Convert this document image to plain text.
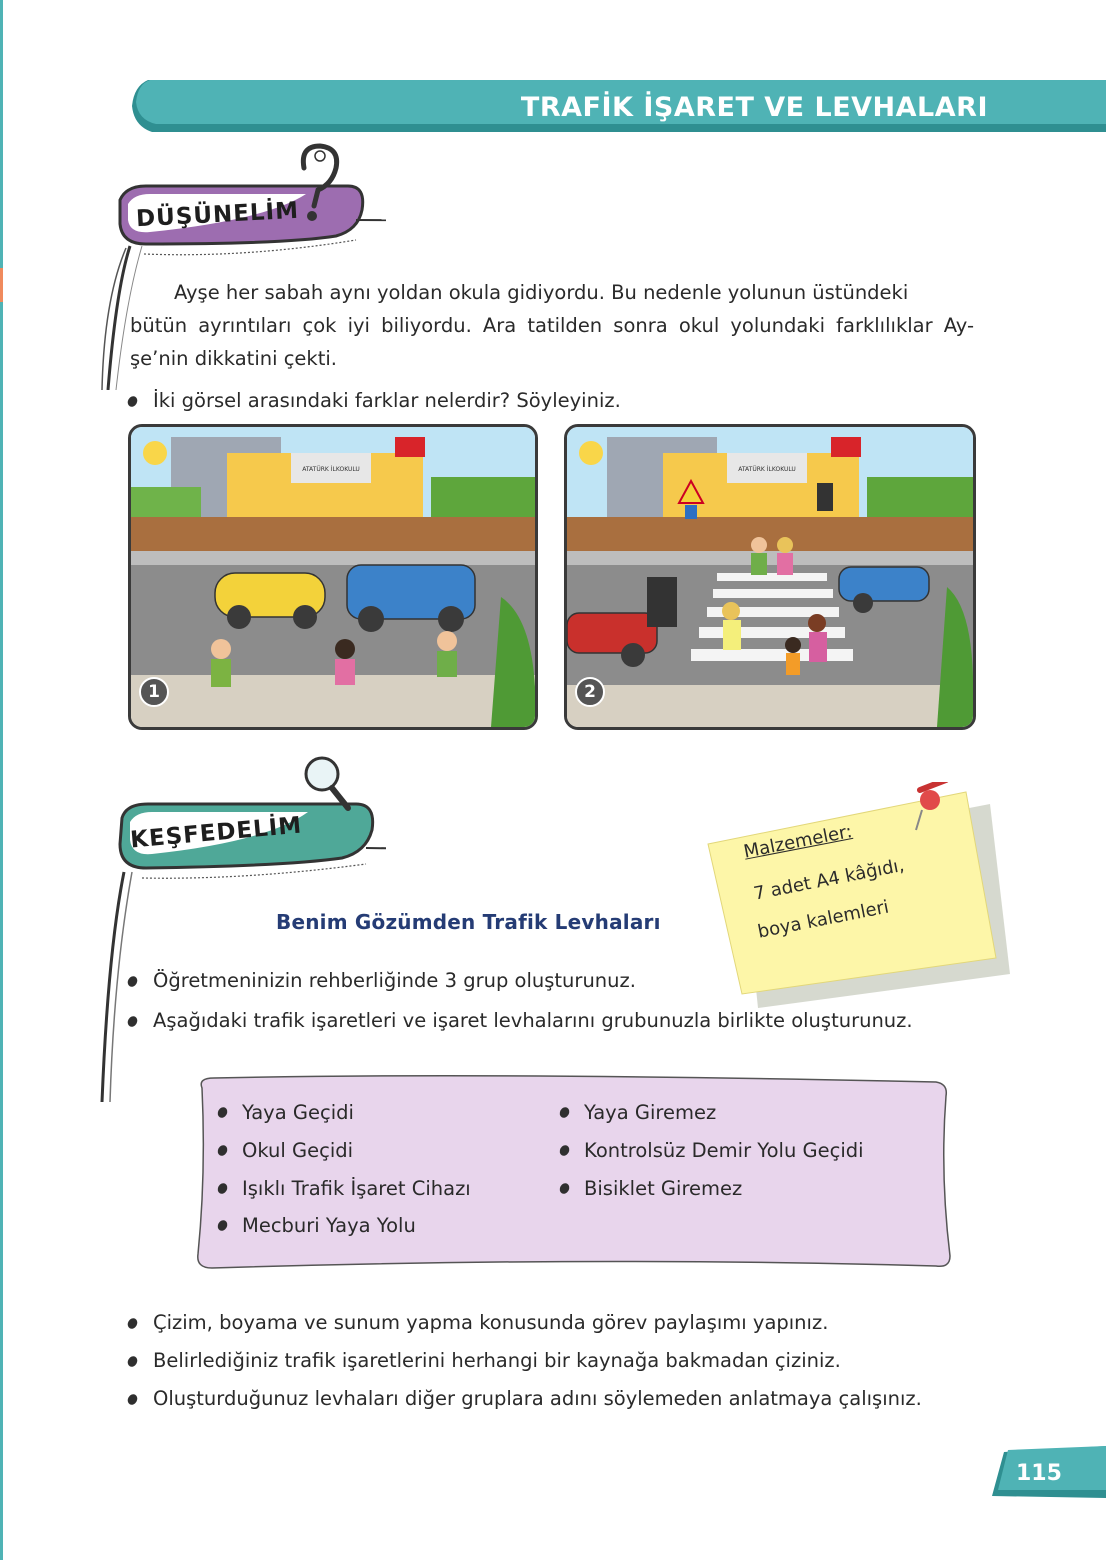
TRAFİK İŞARET VE LEVHALARI
DÜŞÜNELİM
Ayşe her sabah aynı yoldan okula gidiyordu. Bu nedenle yolunun üstündeki
bütün ayrıntıları çok iyi biliyordu. Ara tatilden sonra okul yolundaki farklılıklar Ay-
şe’nin dikkatini çekti.
İki görsel arasındaki farklar nelerdir? Söyleyiniz.
ATATÜRK İLKOKULU
1
ATATÜRK İLKOKULU
2
KEŞFEDELİM	Malzemeler:
7 adet A4 kâğıdı,
boya kalemleri
Benim Gözümden Trafik Levhaları
Öğretmeninizin rehberliğinde 3 grup oluşturunuz.
Aşağıdaki trafik işaretleri ve işaret levhalarını grubunuzla birlikte oluşturunuz.
Yaya Geçidi
Okul Geçidi
Işıklı Trafik İşaret Cihazı
Mecburi Yaya Yolu
Yaya Giremez
Kontrolsüz Demir Yolu Geçidi
Bisiklet Giremez
Çizim, boyama ve sunum yapma konusunda görev paylaşımı yapınız.
Belirlediğiniz trafik işaretlerini herhangi bir kaynağa bakmadan çiziniz.
Oluşturduğunuz levhaları diğer gruplara adını söylemeden anlatmaya çalışınız.
115
